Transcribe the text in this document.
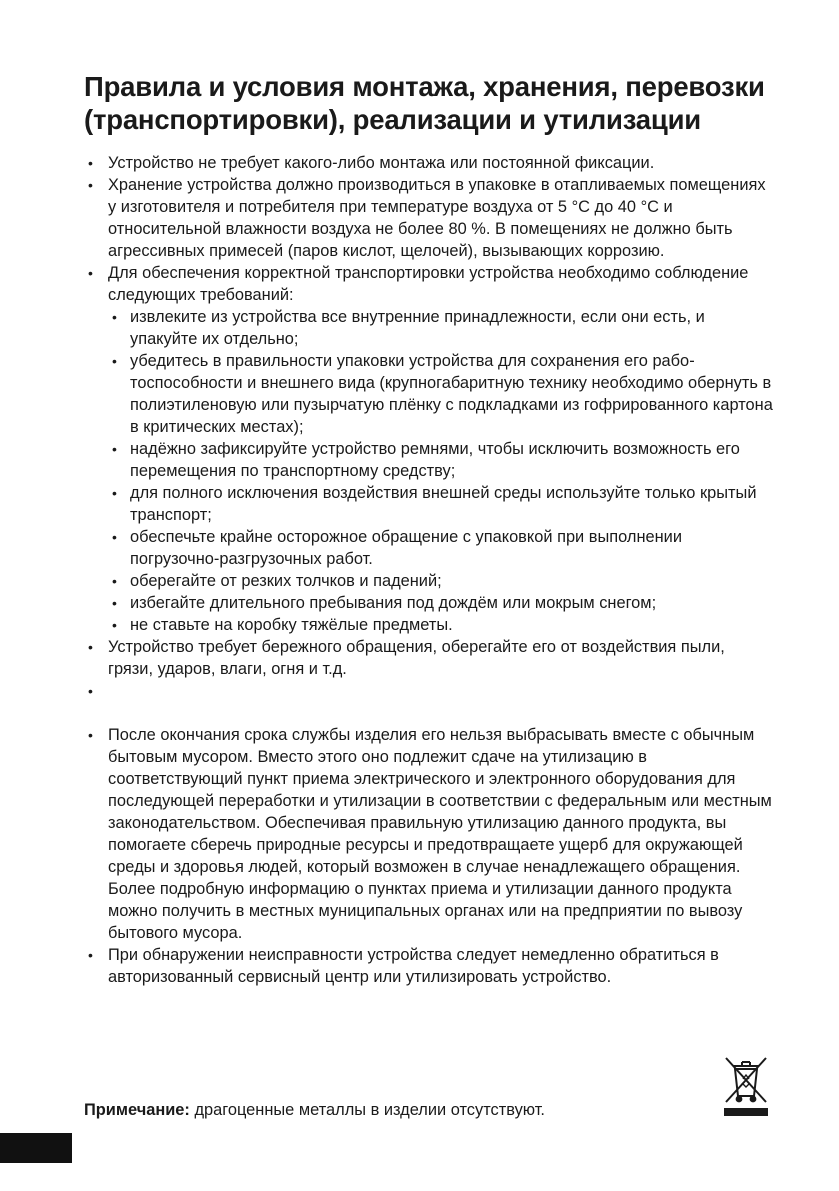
Правила и условия монтажа, хранения, перевозки (транспортировки), реализации и утилизации
• Устройство не требует какого-либо монтажа или постоянной фиксации.
• Хранение устройства должно производиться в упаковке в отапливаемых помещениях у изготовителя и потребителя при температуре воздуха от 5 °C до 40 °C и относительной влажности воздуха не более 80 %. В помещениях не должно быть агрессивных примесей (паров кислот, щелочей), вызывающих коррозию.
• Для обеспечения корректной транспортировки устройства необходимо соблюдение следующих требований:
• извлеките из устройства все внутренние принадлежности, если они есть, и упакуйте их отдельно;
• убедитесь в правильности упаковки устройства для сохранения его работоспособности и внешнего вида (крупногабаритную технику необходимо обернуть в полиэтиленовую или пузырчатую плёнку с подкладками из гофрированного картона в критических местах);
• надёжно зафиксируйте устройство ремнями, чтобы исключить возможность его перемещения по транспортному средству;
• для полного исключения воздействия внешней среды используйте только крытый транспорт;
• обеспечьте крайне осторожное обращение с упаковкой при выполнении погрузочно-разгрузочных работ.
• оберегайте от резких толчков и падений;
• избегайте длительного пребывания под дождём или мокрым снегом;
• не ставьте на коробку тяжёлые предметы.
• Устройство требует бережного обращения, оберегайте его от воздействия пыли, грязи, ударов, влаги, огня и т.д.
•
• После окончания срока службы изделия его нельзя выбрасывать вместе с обычным бытовым мусором. Вместо этого оно подлежит сдаче на утилизацию в соответствующий пункт приема электрического и электронного оборудования для последующей переработки и утилизации в соответствии с федеральным или местным законодательством. Обеспечивая правильную утилизацию данного продукта, вы помогаете сберечь природные ресурсы и предотвращаете ущерб для окружающей среды и здоровья людей, который возможен в случае ненадлежащего обращения. Более подробную информацию о пунктах приема и утилизации данного продукта можно получить в местных муниципальных органах или на предприятии по вывозу бытового мусора.
• При обнаружении неисправности устройства следует немедленно обратиться в авторизованный сервисный центр или утилизировать устройство.
Примечание: драгоценные металлы в изделии отсутствуют.
